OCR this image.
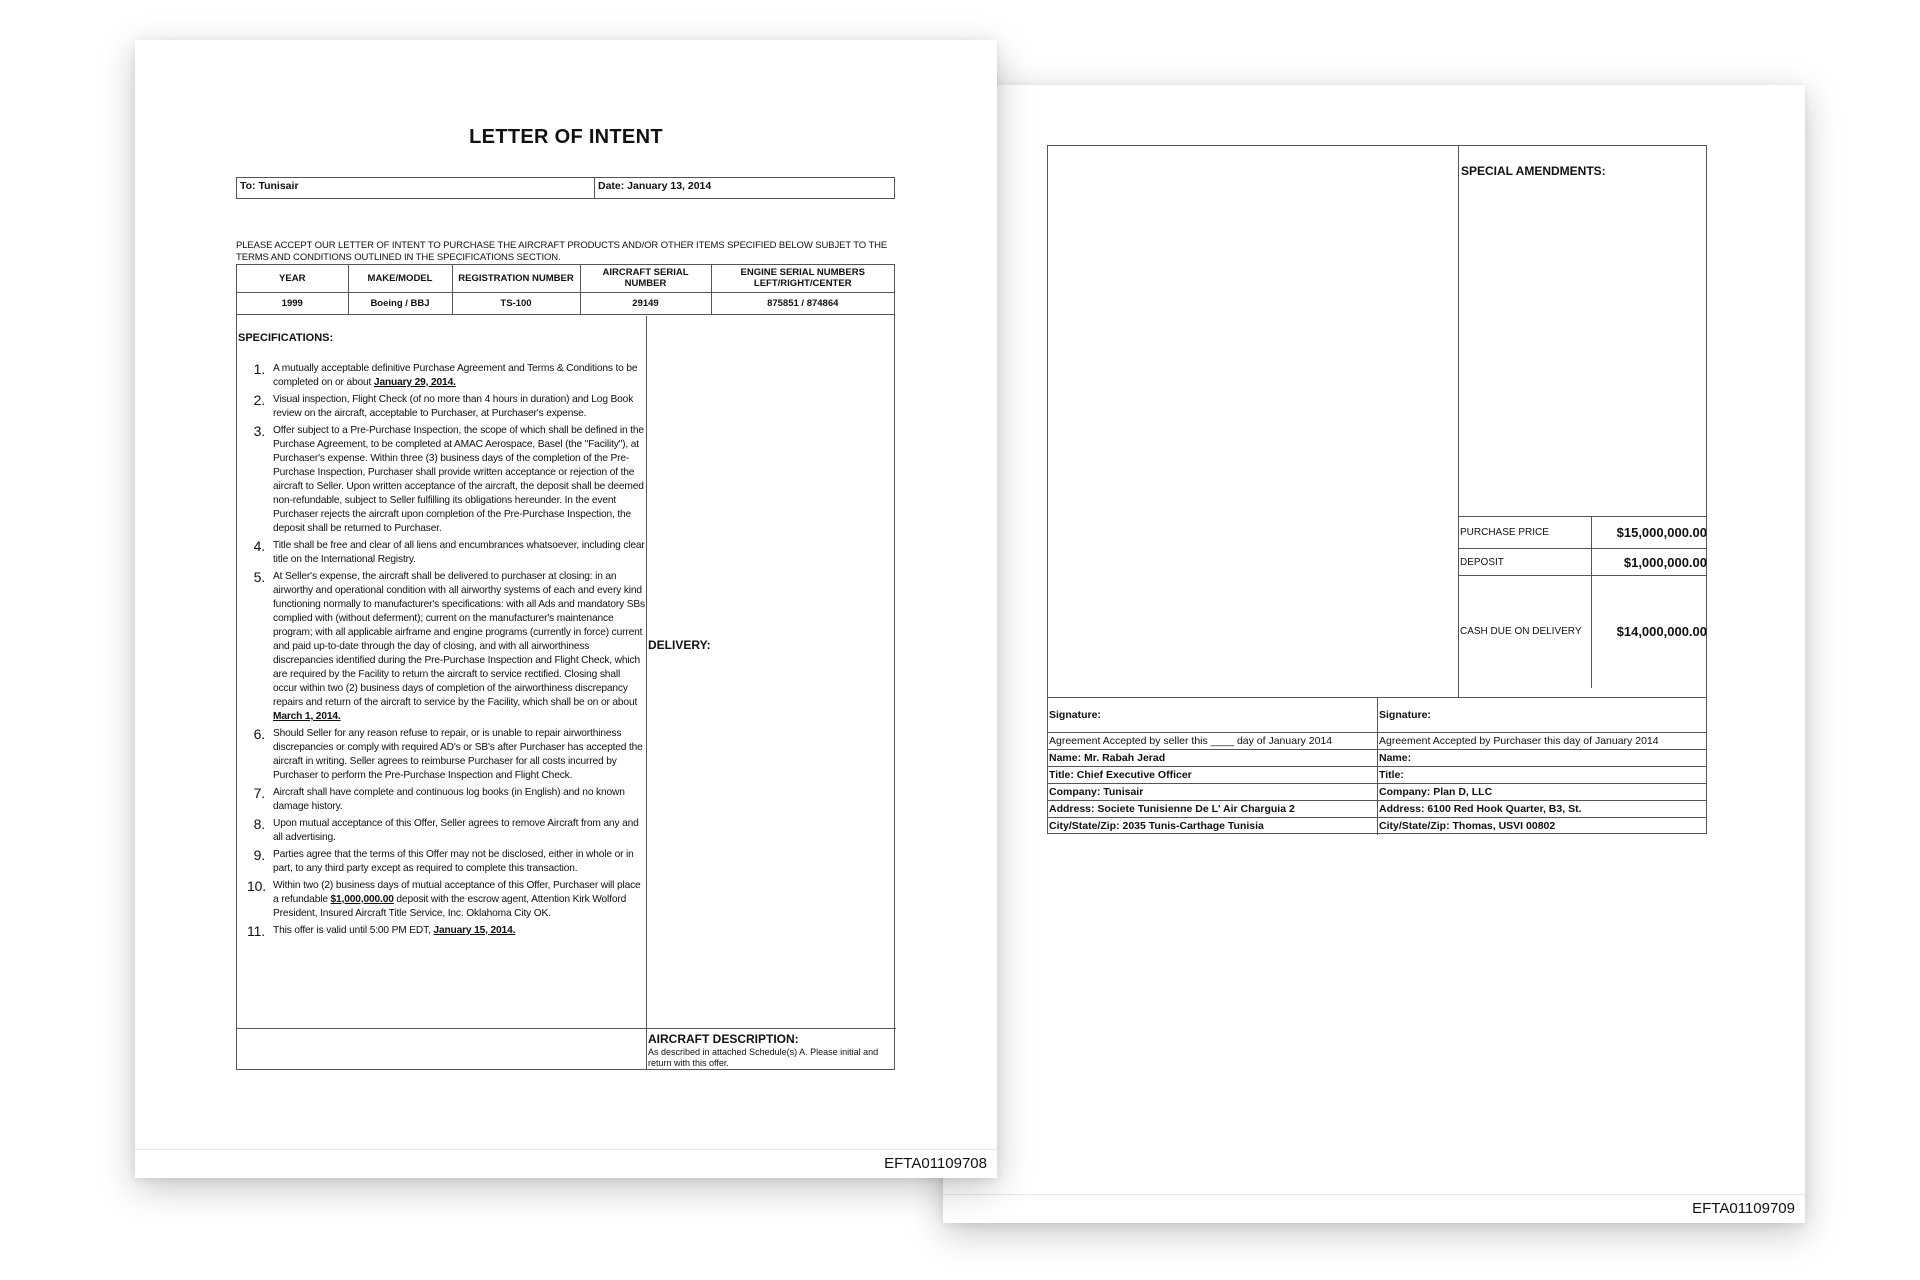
LETTER OF INTENT
To: Tunisair	Date: January 13, 2014
PLEASE ACCEPT OUR LETTER OF INTENT TO PURCHASE THE AIRCRAFT PRODUCTS AND/OR OTHER ITEMS SPECIFIED BELOW SUBJET TO THE TERMS AND CONDITIONS OUTLINED IN THE SPECIFICATIONS SECTION.
YEAR	MAKE/MODEL	REGISTRATION NUMBER	AIRCRAFT SERIAL NUMBER	ENGINE SERIAL NUMBERS LEFT/RIGHT/CENTER
1999	Boeing / BBJ	TS-100	29149	875851 / 874864
SPECIFICATIONS:
1. A mutually acceptable definitive Purchase Agreement and Terms & Conditions to be completed on or about January 29, 2014.
2. Visual inspection, Flight Check (of no more than 4 hours in duration) and Log Book review on the aircraft, acceptable to Purchaser, at Purchaser's expense.
3. Offer subject to a Pre-Purchase Inspection, the scope of which shall be defined in the Purchase Agreement, to be completed at AMAC Aerospace, Basel (the "Facility"), at Purchaser's expense. Within three (3) business days of the completion of the Pre-Purchase Inspection, Purchaser shall provide written acceptance or rejection of the aircraft to Seller. Upon written acceptance of the aircraft, the deposit shall be deemed non-refundable, subject to Seller fulfilling its obligations hereunder. In the event Purchaser rejects the aircraft upon completion of the Pre-Purchase Inspection, the deposit shall be returned to Purchaser.
4. Title shall be free and clear of all liens and encumbrances whatsoever, including clear title on the International Registry.
5. At Seller's expense, the aircraft shall be delivered to purchaser at closing: in an airworthy and operational condition with all airworthy systems of each and every kind functioning normally to manufacturer's specifications: with all Ads and mandatory SBs complied with (without deferment); current on the manufacturer's maintenance program; with all applicable airframe and engine programs (currently in force) current and paid up-to-date through the day of closing, and with all airworthiness discrepancies identified during the Pre-Purchase Inspection and Flight Check, which are required by the Facility to return the aircraft to service rectified. Closing shall occur within two (2) business days of completion of the airworthiness discrepancy repairs and return of the aircraft to service by the Facility, which shall be on or about March 1, 2014.
6. Should Seller for any reason refuse to repair, or is unable to repair airworthiness discrepancies or comply with required AD's or SB's after Purchaser has accepted the aircraft in writing. Seller agrees to reimburse Purchaser for all costs incurred by Purchaser to perform the Pre-Purchase Inspection and Flight Check.
7. Aircraft shall have complete and continuous log books (in English) and no known damage history.
8. Upon mutual acceptance of this Offer, Seller agrees to remove Aircraft from any and all advertising.
9. Parties agree that the terms of this Offer may not be disclosed, either in whole or in part, to any third party except as required to complete this transaction.
10. Within two (2) business days of mutual acceptance of this Offer, Purchaser will place a refundable $1,000,000.00 deposit with the escrow agent, Attention Kirk Wolford President, Insured Aircraft Title Service, Inc. Oklahoma City OK.
11. This offer is valid until 5:00 PM EDT, January 15, 2014.
DELIVERY:
AIRCRAFT DESCRIPTION:
As described in attached Schedule(s) A. Please initial and return with this offer.
EFTA01109708
SPECIAL AMENDMENTS:
PURCHASE PRICE	$15,000,000.00
DEPOSIT	$1,000,000.00
CASH DUE ON DELIVERY	$14,000,000.00
Signature:	Signature:
Agreement Accepted by seller this ____ day of January 2014	Agreement Accepted by Purchaser this day of January 2014
Name: Mr. Rabah Jerad	Name:
Title: Chief Executive Officer	Title:
Company: Tunisair	Company: Plan D, LLC
Address: Societe Tunisienne De L' Air Charguia 2	Address: 6100 Red Hook Quarter, B3, St.
City/State/Zip: 2035 Tunis-Carthage Tunisia	City/State/Zip: Thomas, USVI 00802
EFTA01109709
